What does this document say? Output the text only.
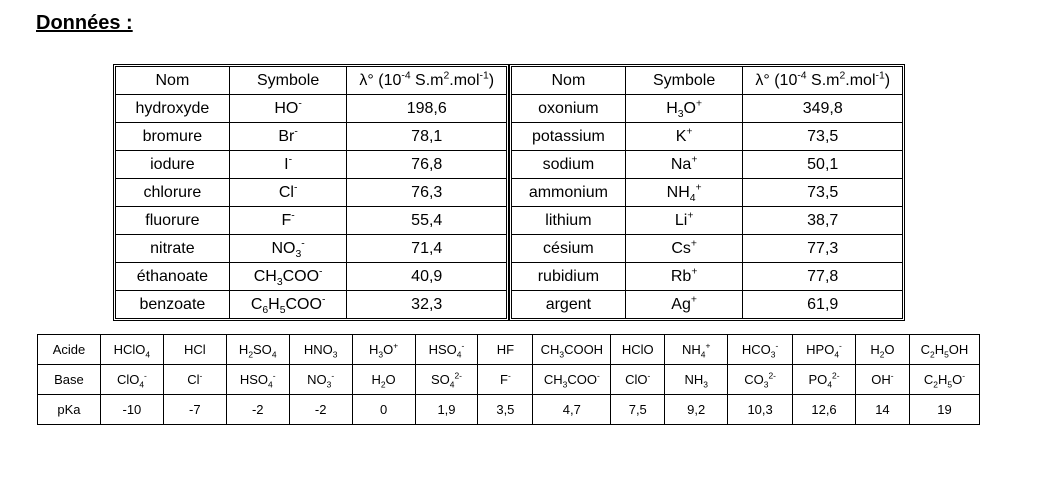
Données :
Nom	Symbole	λ° ($10^{-4}$ $S.m^2.mol^{-1}$)
hydroxyde	HO-	198,6
bromure	Br-	78,1
iodure	I-	76,8
chlorure	Cl-	76,3
fluorure	F-	55,4
nitrate	$NO_3^-$	71,4
éthanoate	$CH_3COO^-$	40,9
benzoate	$C_6H_5COO^-$	32,3
Nom	Symbole	λ° ($10^{-4}$ $S.m^2.mol^{-1}$)
oxonium	$H_3O^+$	349,8
potassium	K+	73,5
sodium	Na+	50,1
ammonium	$NH_4^+$	73,5
lithium	Li+	38,7
césium	Cs+	77,3
rubidium	Rb+	77,8
argent	Ag+	61,9
Acide	HClO$_4$	HCl	$H_2SO_4$	$HNO_3$	$H_3O^+$	$HSO_4^-$	HF	$CH_3COOH$	HClO	$NH_4^+$	$HCO_3^-$	$HPO_4^-$	$H_2O$	$C_2H_5OH$
Base	ClO$_4$-	Cl-	$HSO_4^-$	$NO_3^-$	$H_2O$	$SO_4^{2-}$	F-	$CH_3COO^-$	ClO-	$NH_3$	$CO_3^{2-}$	$PO_4^{2-}$	OH-	$C_2H_5O^-$
pKa	-10	-7	-2	-2	0	1,9	3,5	4,7	7,5	9,2	10,3	12,6	14	19
